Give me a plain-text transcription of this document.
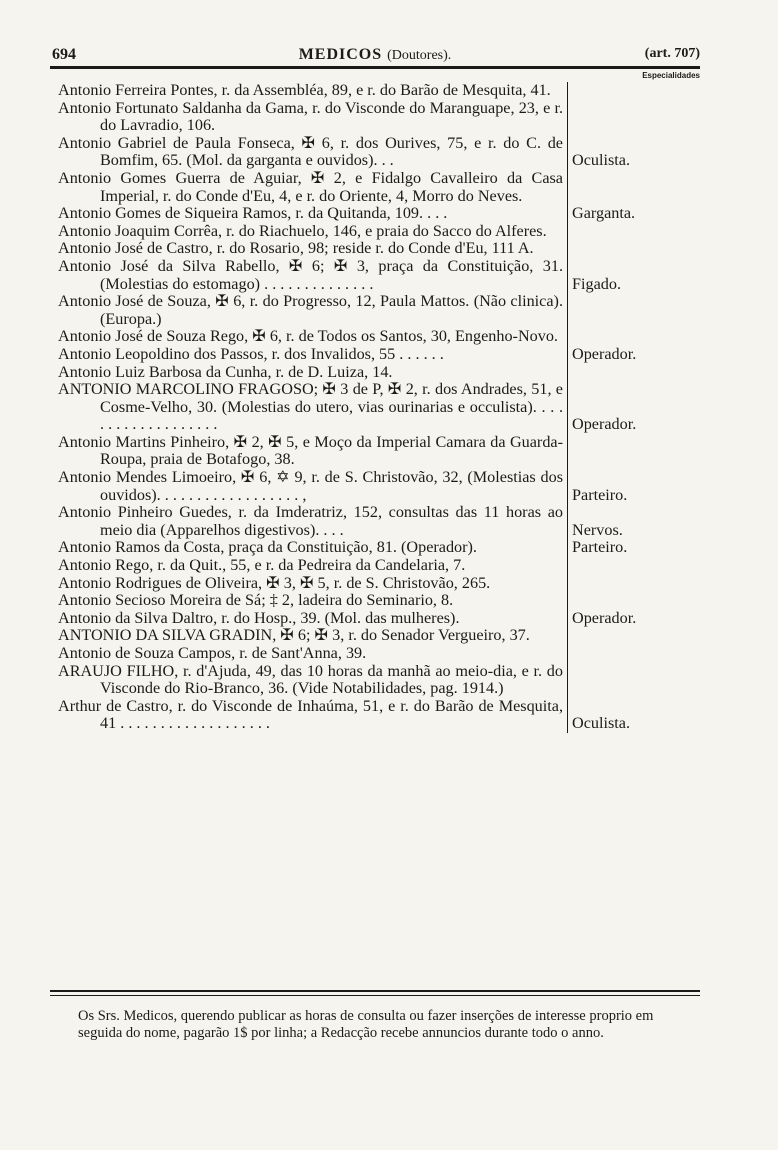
694	MEDICOS (Doutores).	(art. 707)
Especialidades
Antonio Ferreira Pontes, r. da Assembléa, 89, e r. do Barão de Mesquita, 41.
Antonio Fortunato Saldanha da Gama, r. do Visconde do Maranguape, 23, e r. do Lavradio, 106.
Antonio Gabriel de Paula Fonseca, ✠ 6, r. dos Ourives, 75, e r. do C. de Bomfim, 65. (Mol. da garganta e ouvidos). . .	Oculista.
Antonio Gomes Guerra de Aguiar, ✠ 2, e Fidalgo Cavalleiro da Casa Imperial, r. do Conde d'Eu, 4, e r. do Oriente, 4, Morro do Neves.
Antonio Gomes de Siqueira Ramos, r. da Quitanda, 109. . . .	Garganta.
Antonio Joaquim Corrêa, r. do Riachuelo, 146, e praia do Sacco do Alferes.
Antonio José de Castro, r. do Rosario, 98; reside r. do Conde d'Eu, 111 A.
Antonio José da Silva Rabello, ✠ 6; ✠ 3, praça da Constituição, 31. (Molestias do estomago) . . . . . . . . . . . . . .	Figado.
Antonio José de Souza, ✠ 6, r. do Progresso, 12, Paula Mattos. (Não clinica). (Europa.)
Antonio José de Souza Rego, ✠ 6, r. de Todos os Santos, 30, Engenho-Novo.
Antonio Leopoldino dos Passos, r. dos Invalidos, 55 . . . . . .	Operador.
Antonio Luiz Barbosa da Cunha, r. de D. Luiza, 14.
ANTONIO MARCOLINO FRAGOSO; ✠ 3 de P, ✠ 2, r. dos Andrades, 51, e Cosme-Velho, 30. (Molestias do utero, vias ourinarias e occulista). . . . . . . . . . . . . . . . . . .	Operador.
Antonio Martins Pinheiro, ✠ 2, ✠ 5, e Moço da Imperial Camara da Guarda-Roupa, praia de Botafogo, 38.
Antonio Mendes Limoeiro, ✠ 6, ✡ 9, r. de S. Christovão, 32, (Molestias dos ouvidos). . . . . . . . . . . . . . . . . . ,	Parteiro.
Antonio Pinheiro Guedes, r. da Imderatriz, 152, consultas das 11 horas ao meio dia (Apparelhos digestivos). . . .	Nervos.
Antonio Ramos da Costa, praça da Constituição, 81. (Operador).	Parteiro.
Antonio Rego, r. da Quit., 55, e r. da Pedreira da Candelaria, 7.
Antonio Rodrigues de Oliveira, ✠ 3, ✠ 5, r. de S. Christovão, 265.
Antonio Secioso Moreira de Sá; ‡ 2, ladeira do Seminario, 8.
Antonio da Silva Daltro, r. do Hosp., 39. (Mol. das mulheres).	Operador.
ANTONIO DA SILVA GRADIN, ✠ 6; ✠ 3, r. do Senador Vergueiro, 37.
Antonio de Souza Campos, r. de Sant'Anna, 39.
ARAUJO FILHO, r. d'Ajuda, 49, das 10 horas da manhã ao meio-dia, e r. do Visconde do Rio-Branco, 36. (Vide Notabilidades, pag. 1914.)
Arthur de Castro, r. do Visconde de Inhaúma, 51, e r. do Barão de Mesquita, 41 . . . . . . . . . . . . . . . . . . .	Oculista.
Os Srs. Medicos, querendo publicar as horas de consulta ou fazer inserções de interesse proprio em seguida do nome, pagarão 1$ por linha; a Redacção recebe annuncios durante todo o anno.
